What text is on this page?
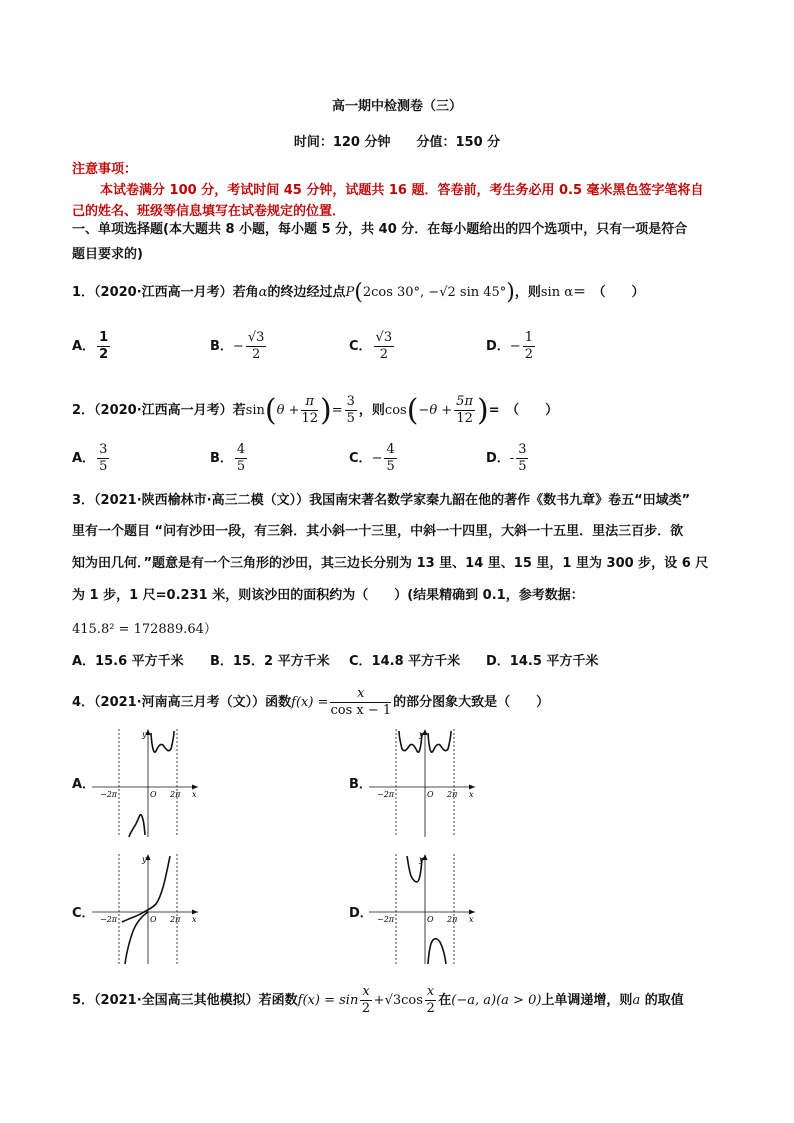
高一期中检测卷（三）
时间：120 分钟　　分值：150 分
注意事项：
本试卷满分 100 分，考试时间 45 分钟，试题共 16 题．答卷前，考生务必用 0.5 毫米黑色签字笔将自
己的姓名、班级等信息填写在试卷规定的位置．
一、单项选择题(本大题共 8 小题，每小题 5 分，共 40 分．在每小题给出的四个选项中，只有一项是符合
题目要求的)
1．（2020·江西高一月考）若角α的终边经过点P(2cos 30°, −√2 sin 45°)，则sin α＝　（　　）
A． $\frac{1}{2}$	B．− $\frac{√3}{2}$	C． $\frac{√3}{2}$	D．− $\frac{1}{2}$
2．（2020·江西高一月考）若$\sin(\theta + \frac{\pi}{12}$ )= $\frac{3}{5}$ ，则$\cos(-\theta + \frac{5\pi}{12}$ )=　（　　）
A． $\frac{3}{5}$	B． $\frac{4}{5}$	C．− $\frac{4}{5}$	D．- $\frac{3}{5}$
3．（2021·陕西榆林市·高三二模（文））我国南宋著名数学家秦九韶在他的著作《数书九章》卷五“田域类”
里有一个题目 “问有沙田一段，有三斜．其小斜一十三里，中斜一十四里，大斜一十五里．里法三百步．欲
知为田几何．”题意是有一个三角形的沙田，其三边长分别为 13 里、14 里、15 里，1 里为 300 步，设 6 尺
为 1 步，1 尺=0.231 米，则该沙田的面积约为（　　）(结果精确到 0.1，参考数据：
415.8² = 172889.64）
A．15.6 平方千米 B．15．2 平方千米 C．14.8 平方千米 D．14.5 平方千米
4．（2021·河南高三月考（文））函数$f(x) = \frac{x}{\text{cos x − 1}}$ 的部分图象大致是（　　）
A．	B．
C．	D．
y
O	x
−2π	2π
y
O	x
−2π	2π
y
O	x
−2π	2π
y
O	x
−2π	2π
5．（2021·全国高三其他模拟）若函数$f(x) = \sin \frac{x}{2} +√3\cos \frac{x}{2}$ 在(−a, a)(a > 0)上单调递增，则a 的取值
